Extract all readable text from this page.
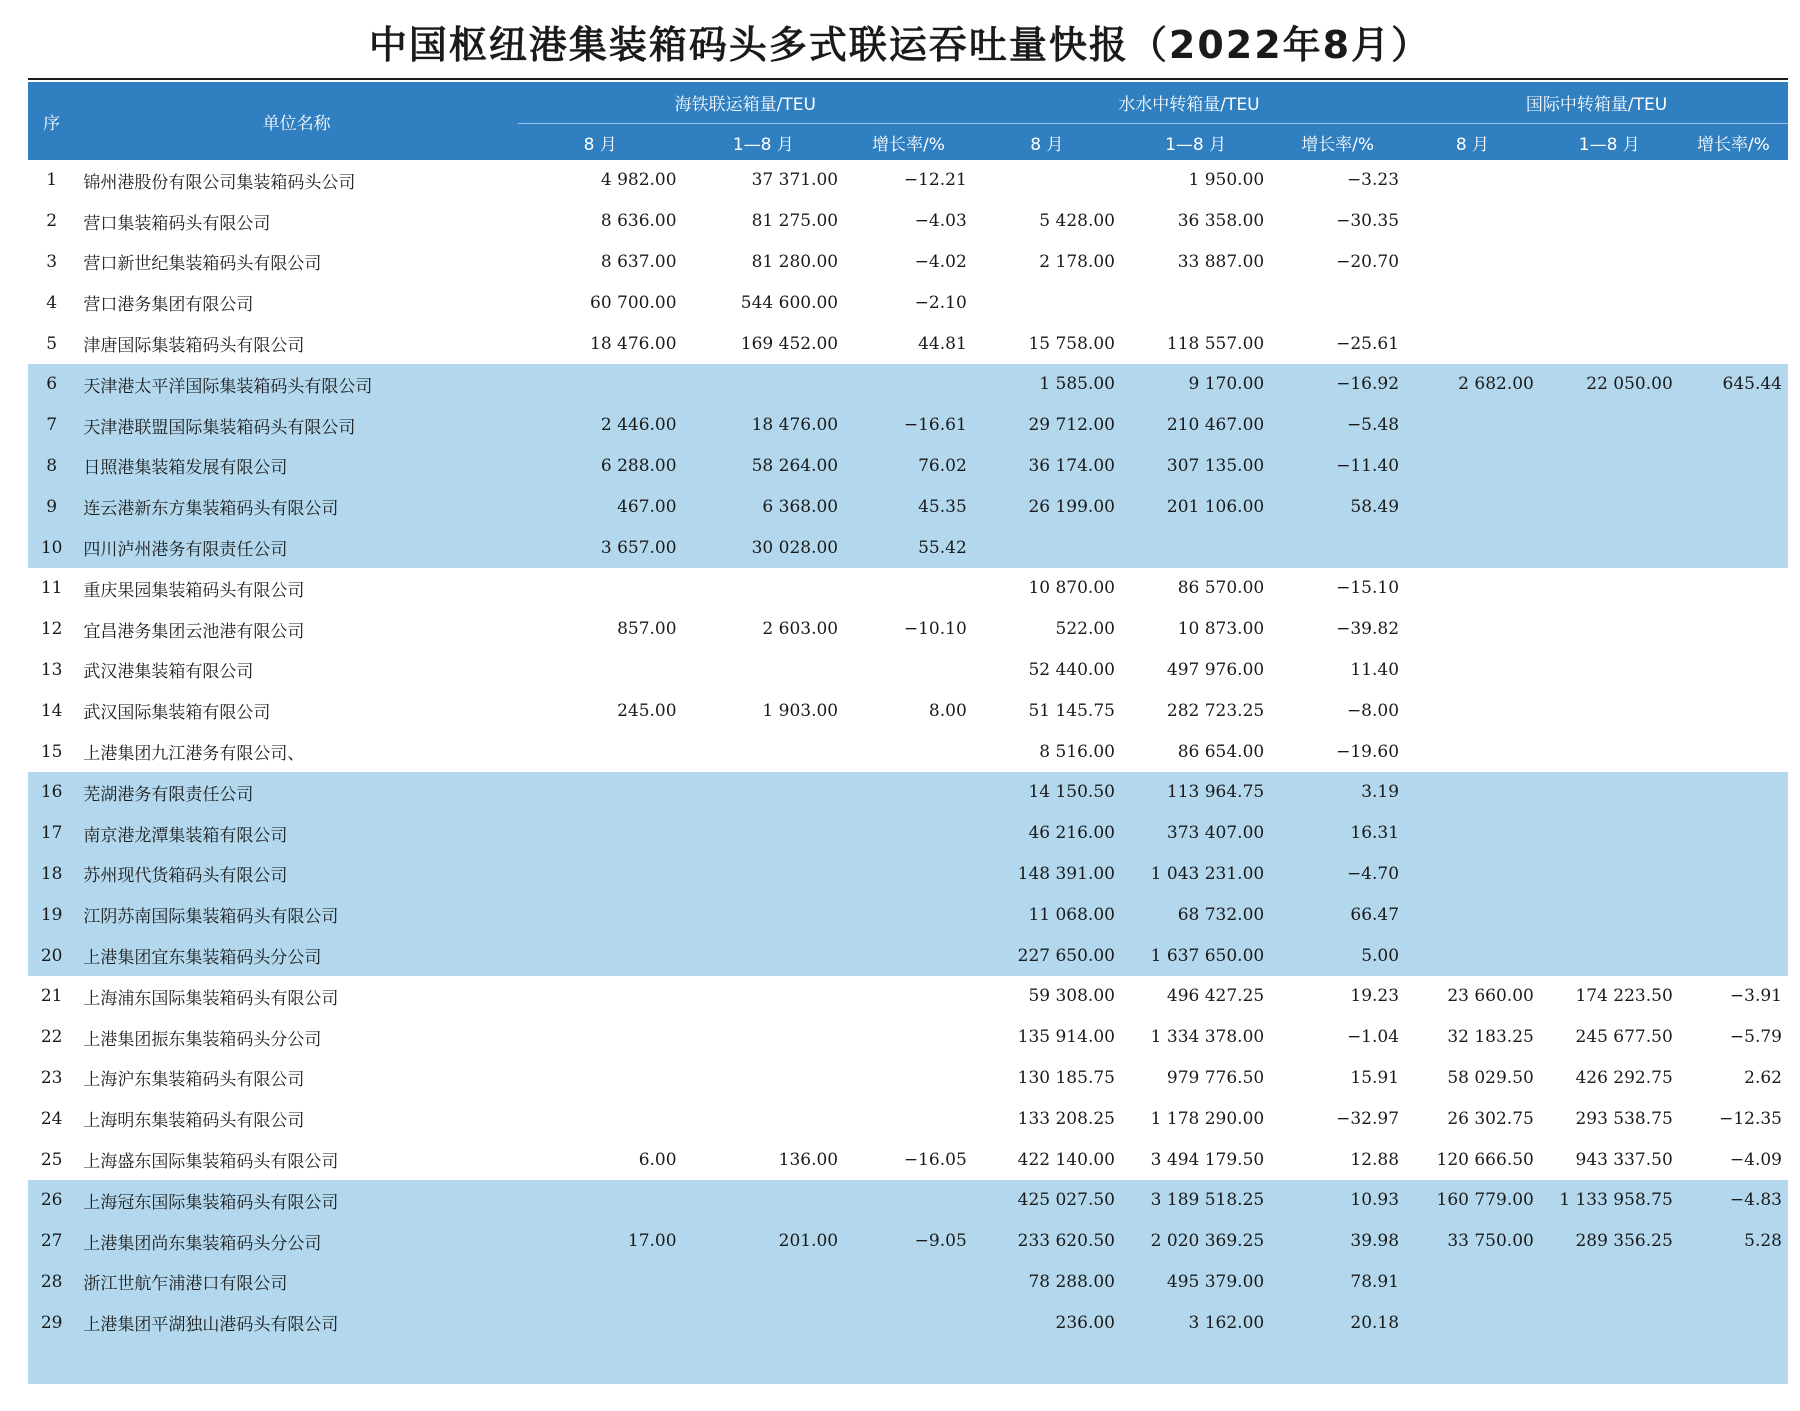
中国枢纽港集装箱码头多式联运吞吐量快报（2022年8月）
序	单位名称	海铁联运箱量/TEU			水水中转箱量/TEU			国际中转箱量/TEU		
		8 月	1—8 月	增长率/%	8 月	1—8 月	增长率/%	8 月	1—8 月	增长率/%
1	锦州港股份有限公司集装箱码头公司	4 982.00	37 371.00	−12.21		1 950.00	−3.23			
2	营口集装箱码头有限公司	8 636.00	81 275.00	−4.03	5 428.00	36 358.00	−30.35			
3	营口新世纪集装箱码头有限公司	8 637.00	81 280.00	−4.02	2 178.00	33 887.00	−20.70			
4	营口港务集团有限公司	60 700.00	544 600.00	−2.10						
5	津唐国际集装箱码头有限公司	18 476.00	169 452.00	44.81	15 758.00	118 557.00	−25.61			
6	天津港太平洋国际集装箱码头有限公司				1 585.00	9 170.00	−16.92	2 682.00	22 050.00	645.44
7	天津港联盟国际集装箱码头有限公司	2 446.00	18 476.00	−16.61	29 712.00	210 467.00	−5.48			
8	日照港集装箱发展有限公司	6 288.00	58 264.00	76.02	36 174.00	307 135.00	−11.40			
9	连云港新东方集装箱码头有限公司	467.00	6 368.00	45.35	26 199.00	201 106.00	58.49			
10	四川泸州港务有限责任公司	3 657.00	30 028.00	55.42						
11	重庆果园集装箱码头有限公司				10 870.00	86 570.00	−15.10			
12	宜昌港务集团云池港有限公司	857.00	2 603.00	−10.10	522.00	10 873.00	−39.82			
13	武汉港集装箱有限公司				52 440.00	497 976.00	11.40			
14	武汉国际集装箱有限公司	245.00	1 903.00	8.00	51 145.75	282 723.25	−8.00			
15	上港集团九江港务有限公司、				8 516.00	86 654.00	−19.60			
16	芜湖港务有限责任公司				14 150.50	113 964.75	3.19			
17	南京港龙潭集装箱有限公司				46 216.00	373 407.00	16.31			
18	苏州现代货箱码头有限公司				148 391.00	1 043 231.00	−4.70			
19	江阴苏南国际集装箱码头有限公司				11 068.00	68 732.00	66.47			
20	上港集团宜东集装箱码头分公司				227 650.00	1 637 650.00	5.00			
21	上海浦东国际集装箱码头有限公司				59 308.00	496 427.25	19.23	23 660.00	174 223.50	−3.91
22	上港集团振东集装箱码头分公司				135 914.00	1 334 378.00	−1.04	32 183.25	245 677.50	−5.79
23	上海沪东集装箱码头有限公司				130 185.75	979 776.50	15.91	58 029.50	426 292.75	2.62
24	上海明东集装箱码头有限公司				133 208.25	1 178 290.00	−32.97	26 302.75	293 538.75	−12.35
25	上海盛东国际集装箱码头有限公司	6.00	136.00	−16.05	422 140.00	3 494 179.50	12.88	120 666.50	943 337.50	−4.09
26	上海冠东国际集装箱码头有限公司				425 027.50	3 189 518.25	10.93	160 779.00	1 133 958.75	−4.83
27	上港集团尚东集装箱码头分公司	17.00	201.00	−9.05	233 620.50	2 020 369.25	39.98	33 750.00	289 356.25	5.28
28	浙江世航乍浦港口有限公司				78 288.00	495 379.00	78.91			
29	上港集团平湖独山港码头有限公司				236.00	3 162.00	20.18			
